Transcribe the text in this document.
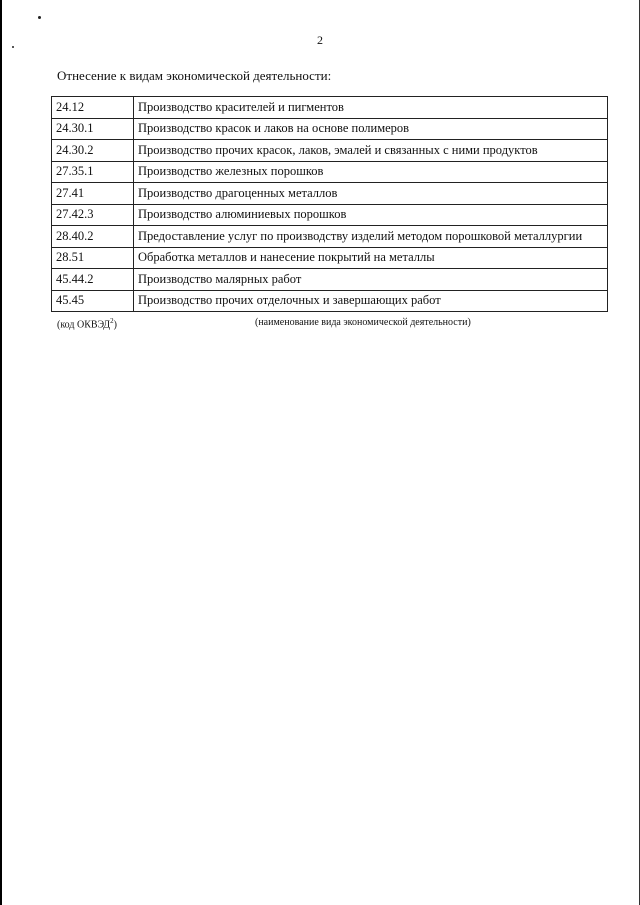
2
Отнесение к видам экономической деятельности:
24.12	Производство красителей и пигментов
24.30.1	Производство красок и лаков на основе полимеров
24.30.2	Производство прочих красок, лаков, эмалей и связанных с ними продуктов
27.35.1	Производство железных порошков
27.41	Производство драгоценных металлов
27.42.3	Производство алюминиевых порошков
28.40.2	Предоставление услуг по производству изделий методом порошковой металлургии
28.51	Обработка металлов и нанесение покрытий на металлы
45.44.2	Производство малярных работ
45.45	Производство прочих отделочных и завершающих работ
(код ОКВЭД$^2$)	(наименование вида экономической деятельности)
